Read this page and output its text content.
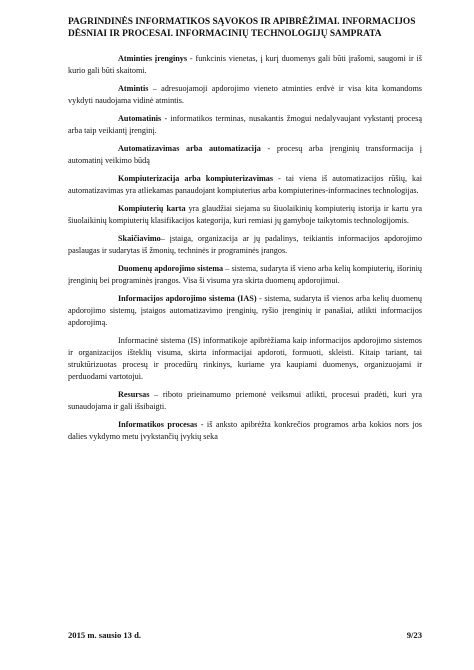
PAGRINDINĖS INFORMATIKOS SĄVOKOS IR APIBRĖŽIMAI. INFORMACIJOS DĖSNIAI IR PROCESAI. INFORMACINIŲ TECHNOLOGIJŲ SAMPRATA

Atminties įrenginys - funkcinis vienetas, į kurį duomenys gali būti įrašomi, saugomi ir iš kurio gali būti skaitomi.

Atmintis – adresuojamoji apdorojimo vieneto atminties erdvė ir visa kita komandoms vykdyti naudojama vidinė atmintis.

Automatinis - informatikos terminas, nusakantis žmogui nedalyvaujant vykstantį procesą arba taip veikiantį įrenginį.

Automatizavimas arba automatizacija - procesų arba įrenginių transformacija į automatinį veikimo būdą

Kompiuterizacija arba kompiuterizavimas - tai viena iš automatizacijos rūšių, kai automatizavimas yra atliekamas panaudojant kompiuterius arba kompiuterines-informacines technologijas.

Kompiuterių karta yra glaudžiai siejama su šiuolaikinių kompiuterių istorija ir kartu yra šiuolaikinių kompiuterių klasifikacijos kategorija, kuri remiasi jų gamyboje taikytomis technologijomis.

Skaičiavimo– įstaiga, organizacija ar jų padalinys, teikiantis informacijos apdorojimo paslaugas ir sudarytas iš žmonių, techninės ir programinės įrangos.

Duomenų apdorojimo sistema – sistema, sudaryta iš vieno arba kelių kompiuterių, išorinių įrenginių bei programinės įrangos. Visa ši visuma yra skirta duomenų apdorojimui.

Informacijos apdorojimo sistema (IAS) - sistema, sudaryta iš vienos arba kelių duomenų apdorojimo sistemų, įstaigos automatizavimo įrenginių, ryšio įrenginių ir panašiai, atlikti informacijos apdorojimą.

Informacinė sistema (IS) informatikoje apibrėžiama kaip informacijos apdorojimo sistemos ir organizacijos išteklių visuma, skirta informacijai apdoroti, formuoti, skleisti. Kitaip tariant, tai struktūrizuotas procesų ir procedūrų rinkinys, kuriame yra kaupiami duomenys, organizuojami ir perduodami vartotojui.

Resursas – riboto prieinamumo priemonė veiksmui atlikti, procesui pradėti, kuri yra sunaudojama ir gali išsibaigti.

Informatikos procesas - iš anksto apibrėžta konkrečios programos arba kokios nors jos dalies vykdymo metu įvykstančių įvykių seka

2015 m. sausio 13 d.	9/23
